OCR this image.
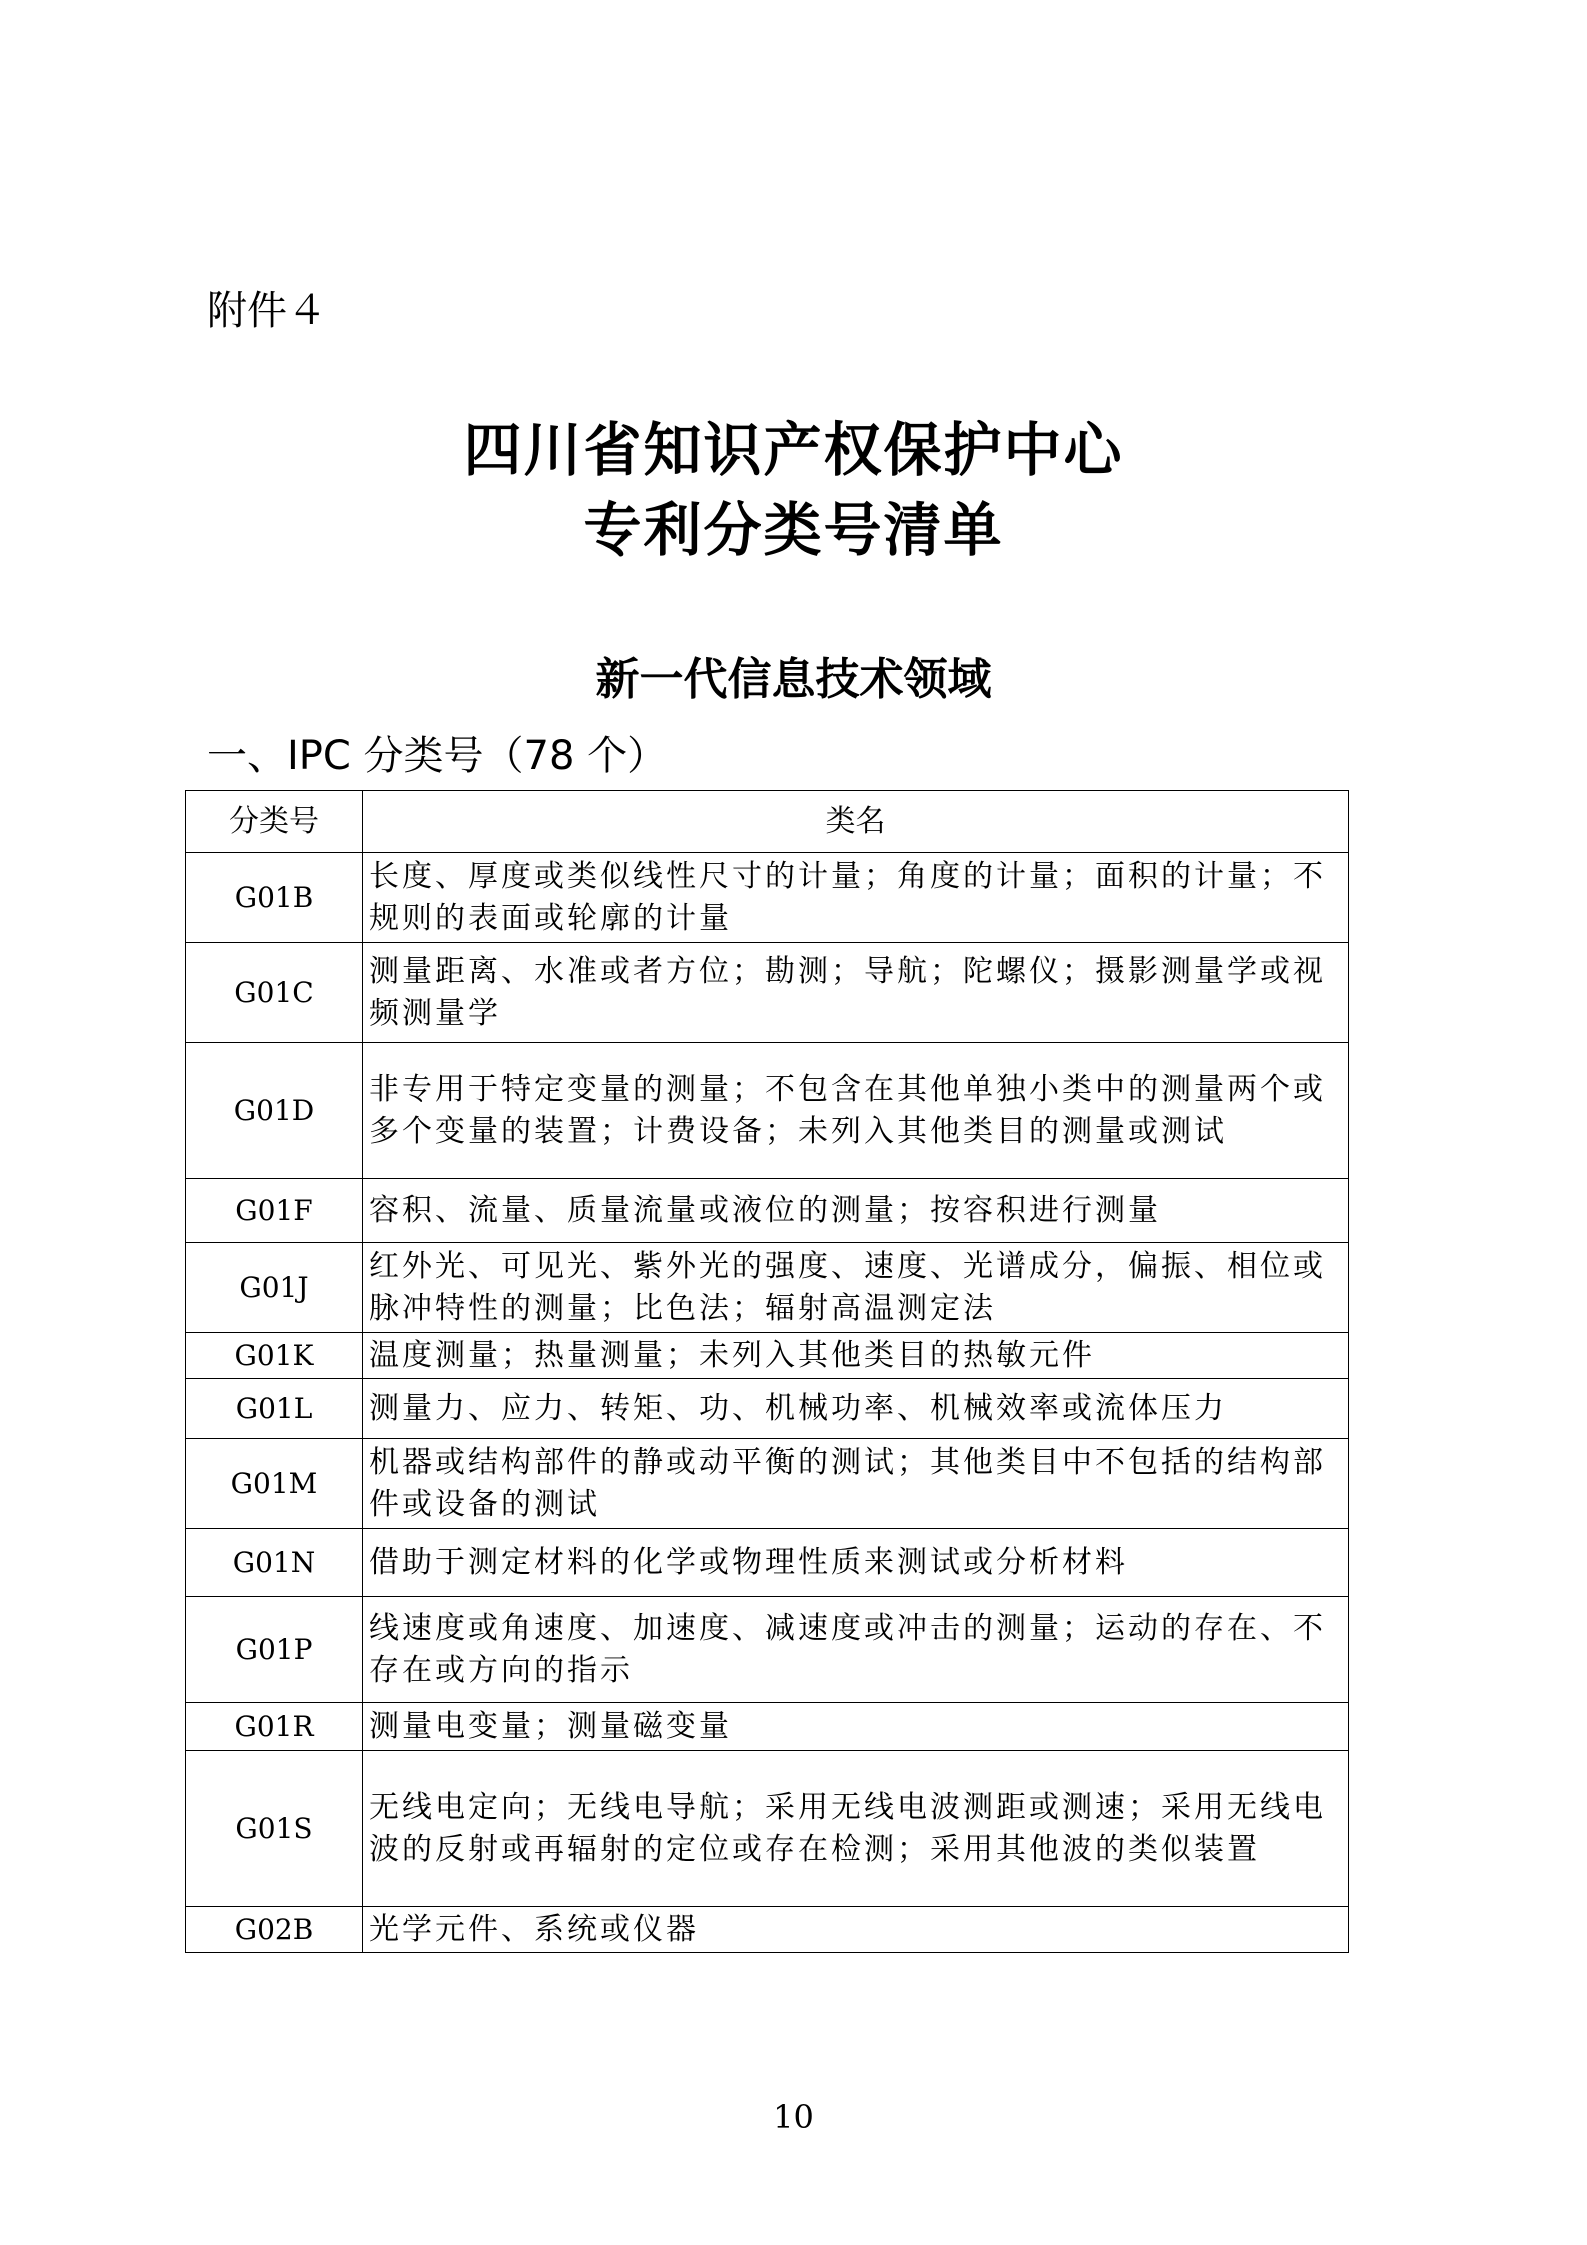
附件４
四川省知识产权保护中心
专利分类号清单
新一代信息技术领域
一、IPC 分类号（78 个）
分类号	类名
G01B	长度、厚度或类似线性尺寸的计量；角度的计量；面积的计量；不规则的表面或轮廓的计量
G01C	测量距离、水准或者方位；勘测；导航；陀螺仪；摄影测量学或视频测量学
G01D	非专用于特定变量的测量；不包含在其他单独小类中的测量两个或多个变量的装置；计费设备；未列入其他类目的测量或测试
G01F	容积、流量、质量流量或液位的测量；按容积进行测量
G01J	红外光、可见光、紫外光的强度、速度、光谱成分，偏振、相位或脉冲特性的测量；比色法；辐射高温测定法
G01K	温度测量；热量测量；未列入其他类目的热敏元件
G01L	测量力、应力、转矩、功、机械功率、机械效率或流体压力
G01M	机器或结构部件的静或动平衡的测试；其他类目中不包括的结构部件或设备的测试
G01N	借助于测定材料的化学或物理性质来测试或分析材料
G01P	线速度或角速度、加速度、减速度或冲击的测量；运动的存在、不存在或方向的指示
G01R	测量电变量；测量磁变量
G01S	无线电定向；无线电导航；采用无线电波测距或测速；采用无线电波的反射或再辐射的定位或存在检测；采用其他波的类似装置
G02B	光学元件、系统或仪器
10
